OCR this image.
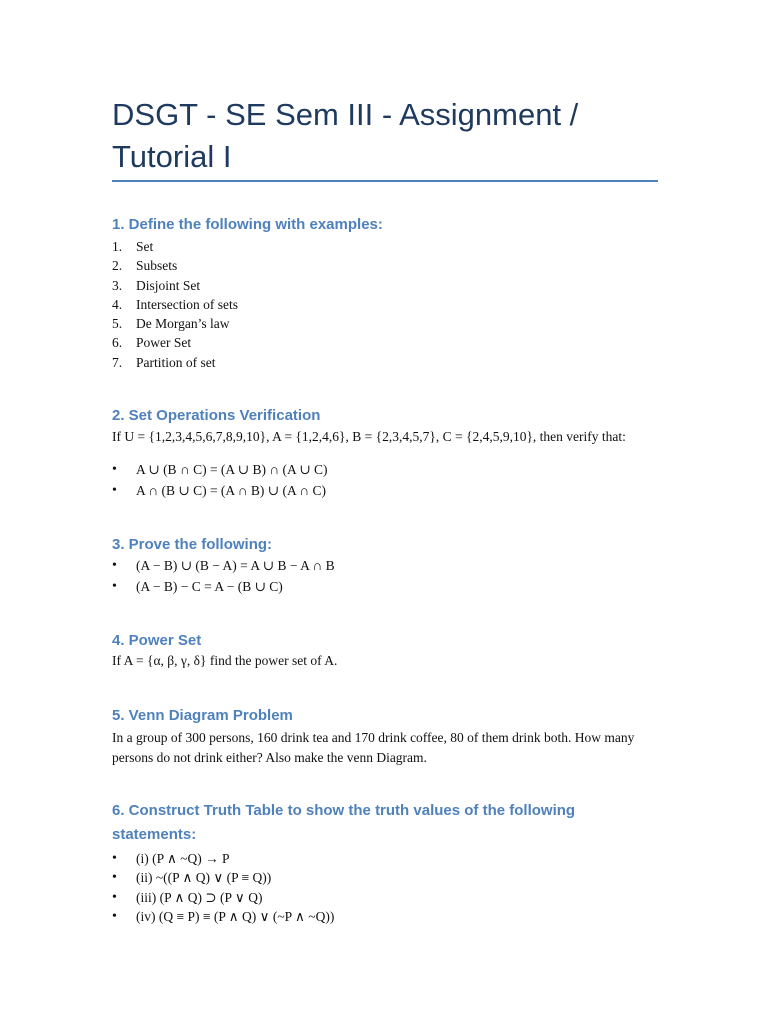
DSGT - SE Sem III - Assignment / Tutorial I
1. Define the following with examples:
1. Set
2. Subsets
3. Disjoint Set
4. Intersection of sets
5. De Morgan’s law
6. Power Set
7. Partition of set
2. Set Operations Verification

If U = {1,2,3,4,5,6,7,8,9,10}, A = {1,2,4,6}, B = {2,3,4,5,7}, C = {2,4,5,9,10}, then verify that:

• A ∪ (B ∩ C) = (A ∪ B) ∩ (A ∪ C)
• A ∩ (B ∪ C) = (A ∩ B) ∪ (A ∩ C)
3. Prove the following:
• (A − B) ∪ (B − A) = A ∪ B − A ∩ B
• (A − B) − C = A − (B ∪ C)
4. Power Set

If A = {α, β, γ, δ} find the power set of A.

5. Venn Diagram Problem

In a group of 300 persons, 160 drink tea and 170 drink coffee, 80 of them drink both. How many persons do not drink either? Also make the venn Diagram.

6. Construct Truth Table to show the truth values of the following statements:
• (i) (P ∧ ~Q) → P
• (ii) ~((P ∧ Q) ∨ (P ≡ Q))
• (iii) (P ∧ Q) ⊃ (P ∨ Q)
• (iv) (Q ≡ P) ≡ (P ∧ Q) ∨ (~P ∧ ~Q))
